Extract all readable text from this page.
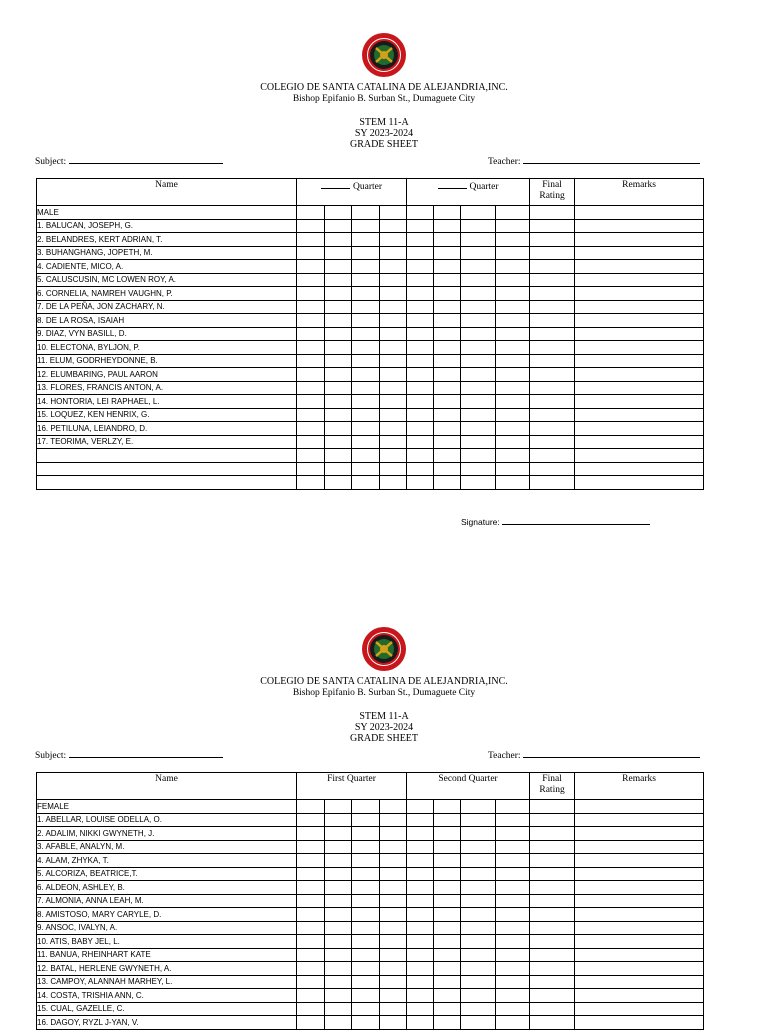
COLEGIO DE SANTA CATALINA DE ALEJANDRIA,INC.
Bishop Epifanio B. Surban St., Dumaguete City
STEM 11-A
SY 2023-2024
GRADE SHEET
Subject:	Teacher:
Name	Quarter				Quarter				Final Rating	Remarks
MALE										
1. BALUCAN, JOSEPH, G.										
2. BELANDRES, KERT ADRIAN, T.										
3. BUHANGHANG, JOPETH, M.										
4. CADIENTE, MICO, A.										
5. CALUSCUSIN, MC LOWEN ROY, A.										
6. CORNELIA, NAMREH VAUGHN, P.										
7. DE LA PEÑA, JON ZACHARY, N.										
8. DE LA ROSA, ISAIAH										
9. DIAZ, VYN BASILL, D.										
10. ELECTONA, BYLJON, P.										
11. ELUM, GODRHEYDONNE, B.										
12. ELUMBARING, PAUL AARON										
13. FLORES, FRANCIS ANTON, A.										
14. HONTORIA, LEI RAPHAEL, L.										
15. LOQUEZ, KEN HENRIX, G.										
16. PETILUNA, LEIANDRO, D.										
17. TEORIMA, VERLZY, E.										

Signature:
COLEGIO DE SANTA CATALINA DE ALEJANDRIA,INC.
Bishop Epifanio B. Surban St., Dumaguete City
STEM 11-A
SY 2023-2024
GRADE SHEET
Subject:	Teacher:
Name	First Quarter				Second Quarter				Final Rating	Remarks
FEMALE										
1. ABELLAR, LOUISE ODELLA, O.										
2. ADALIM, NIKKI GWYNETH, J.										
3. AFABLE, ANALYN, M.										
4. ALAM, ZHYKA, T.										
5. ALCORIZA, BEATRICE,T.										
6. ALDEON, ASHLEY, B.										
7. ALMONIA, ANNA LEAH, M.										
8. AMISTOSO, MARY CARYLE, D.										
9. ANSOC, IVALYN, A.										
10. ATIS, BABY JEL, L.										
11. BANUA, RHEINHART KATE										
12. BATAL, HERLENE GWYNETH, A.										
13. CAMPOY, ALANNAH MARHEY, L.										
14. COSTA, TRISHIA ANN, C.										
15. CUAL, GAZELLE, C.										
16. DAGOY, RYZL J-YAN, V.										
